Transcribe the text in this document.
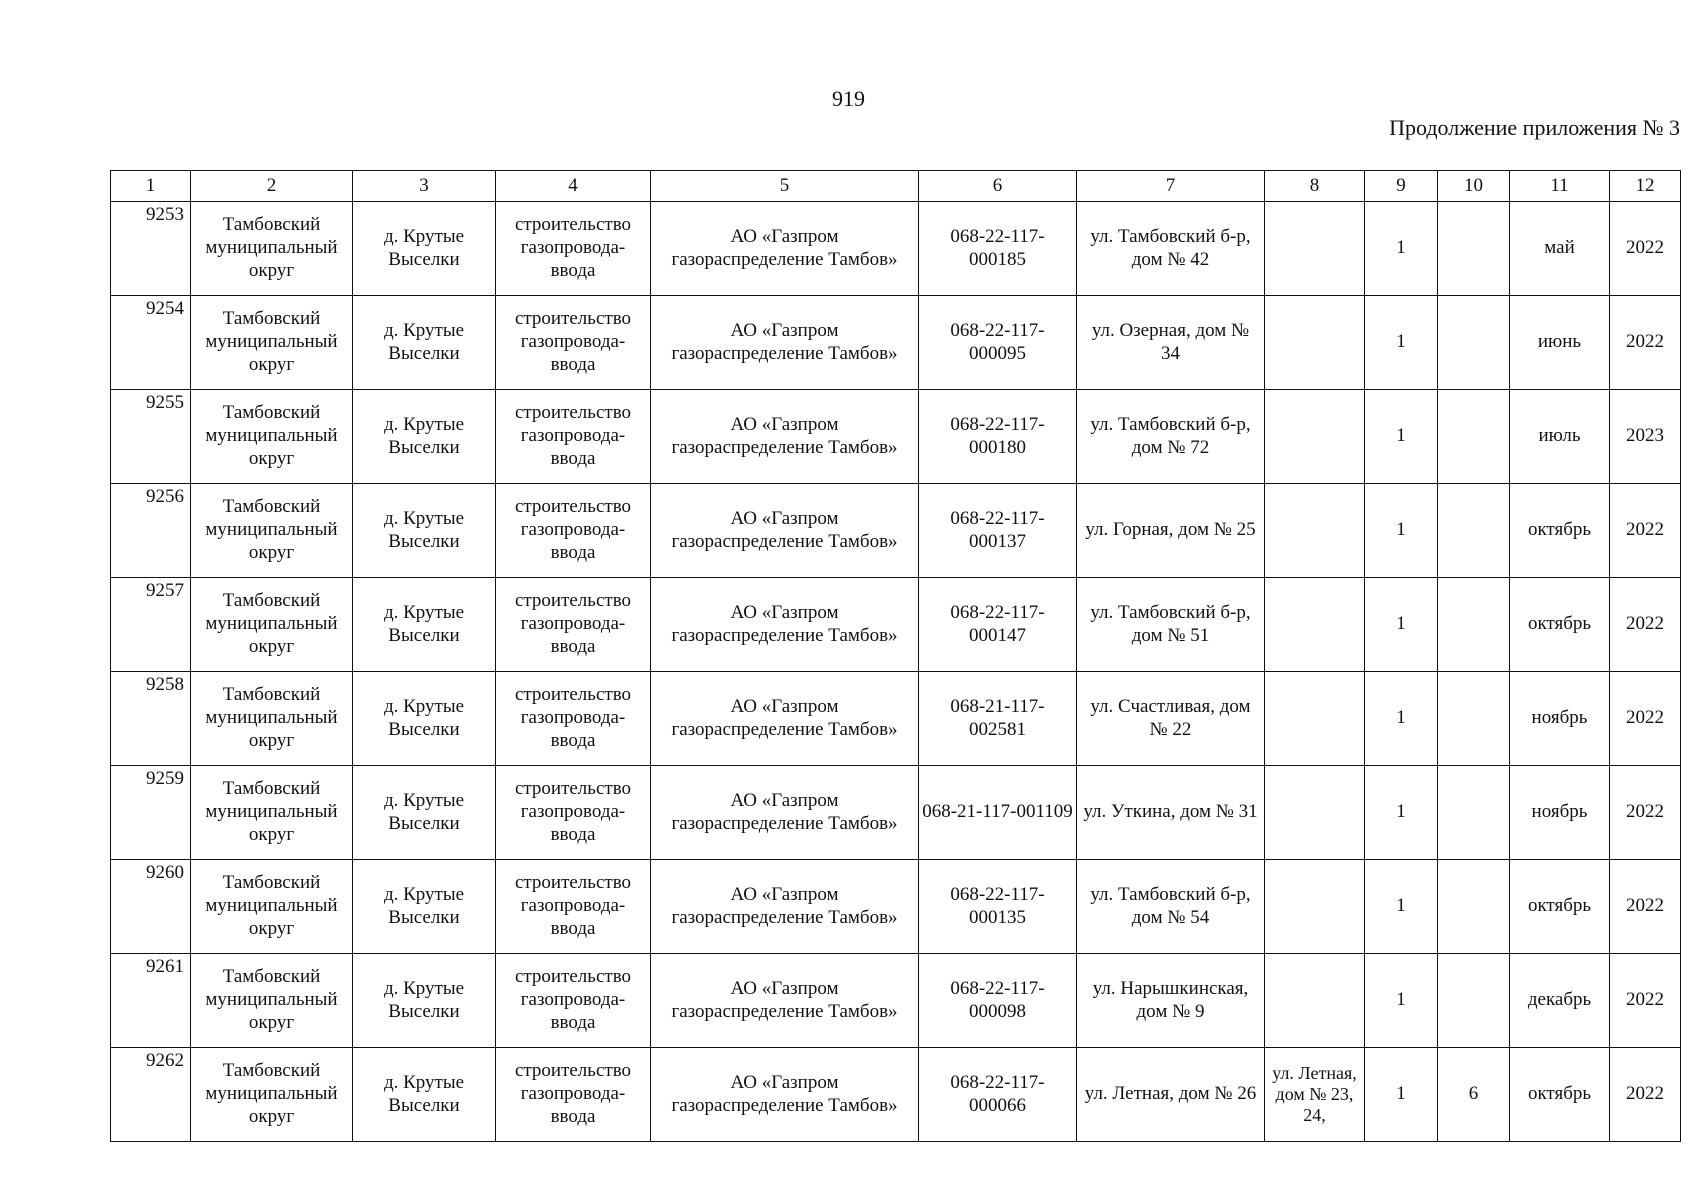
919
Продолжение приложения № 3
1	2	3	4	5	6	7	8	9	10	11	12
9253	Тамбовский муниципальный округ	д. Крутые Выселки	строительство газопровода-ввода	АО «Газпром газораспределение Тамбов»	068-22-117-000185	ул. Тамбовский б-р, дом № 42		1		май	2022
9254	Тамбовский муниципальный округ	д. Крутые Выселки	строительство газопровода-ввода	АО «Газпром газораспределение Тамбов»	068-22-117-000095	ул. Озерная, дом № 34		1		июнь	2022
9255	Тамбовский муниципальный округ	д. Крутые Выселки	строительство газопровода-ввода	АО «Газпром газораспределение Тамбов»	068-22-117-000180	ул. Тамбовский б-р, дом № 72		1		июль	2023
9256	Тамбовский муниципальный округ	д. Крутые Выселки	строительство газопровода-ввода	АО «Газпром газораспределение Тамбов»	068-22-117-000137	ул. Горная, дом № 25		1		октябрь	2022
9257	Тамбовский муниципальный округ	д. Крутые Выселки	строительство газопровода-ввода	АО «Газпром газораспределение Тамбов»	068-22-117-000147	ул. Тамбовский б-р, дом № 51		1		октябрь	2022
9258	Тамбовский муниципальный округ	д. Крутые Выселки	строительство газопровода-ввода	АО «Газпром газораспределение Тамбов»	068-21-117-002581	ул. Счастливая, дом № 22		1		ноябрь	2022
9259	Тамбовский муниципальный округ	д. Крутые Выселки	строительство газопровода-ввода	АО «Газпром газораспределение Тамбов»	068-21-117-001109	ул. Уткина, дом № 31		1		ноябрь	2022
9260	Тамбовский муниципальный округ	д. Крутые Выселки	строительство газопровода-ввода	АО «Газпром газораспределение Тамбов»	068-22-117-000135	ул. Тамбовский б-р, дом № 54		1		октябрь	2022
9261	Тамбовский муниципальный округ	д. Крутые Выселки	строительство газопровода-ввода	АО «Газпром газораспределение Тамбов»	068-22-117-000098	ул. Нарышкинская, дом № 9		1		декабрь	2022
9262	Тамбовский муниципальный округ	д. Крутые Выселки	строительство газопровода-ввода	АО «Газпром газораспределение Тамбов»	068-22-117-000066	ул. Летная, дом № 26	ул. Летная, дом № 23, 24,	1	6	октябрь	2022
